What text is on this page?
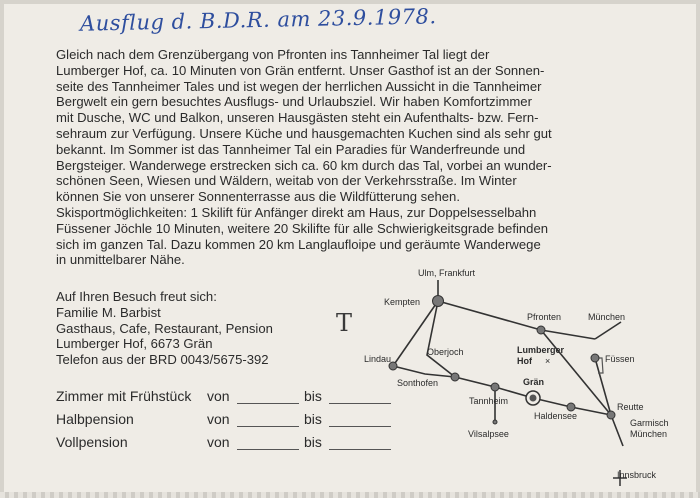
Ausflug d. B.D.R. am 23.9.1978.

Gleich nach dem Grenzübergang von Pfronten ins Tannheimer Tal liegt der

Lumberger Hof, ca. 10 Minuten von Grän entfernt. Unser Gasthof ist an der Sonnen-

seite des Tannheimer Tales und ist wegen der herrlichen Aussicht in die Tannheimer

Bergwelt ein gern besuchtes Ausflugs- und Urlaubsziel. Wir haben Komfortzimmer

mit Dusche, WC und Balkon, unseren Hausgästen steht ein Aufenthalts- bzw. Fern-

sehraum zur Verfügung. Unsere Küche und hausgemachten Kuchen sind als sehr gut

bekannt. Im Sommer ist das Tannheimer Tal ein Paradies für Wanderfreunde und

Bergsteiger. Wanderwege erstrecken sich ca. 60 km durch das Tal, vorbei an wunder-

schönen Seen, Wiesen und Wäldern, weitab von der Verkehrsstraße. Im Winter

können Sie von unserer Sonnenterrasse aus die Wildfütterung sehen.

Skisportmöglichkeiten: 1 Skilift für Anfänger direkt am Haus, zur Doppelsesselbahn

Füssener Jöchle 10 Minuten, weitere 20 Skilifte für alle Schwierigkeitsgrade befinden

sich im ganzen Tal. Dazu kommen 20 km Langlaufloipe und geräumte Wanderwege

in unmittelbarer Nähe.

Auf Ihren Besuch freut sich:
Familie M. Barbist
Gasthaus, Cafe, Restaurant, Pension
Lumberger Hof, 6673 Grän
Telefon aus der BRD 0043/5675-392
T
Zimmer mit Frühstück von	bis
Halbpension	von	bis
Vollpension	von	bis
×
Ulm, Frankfurt
Kempten
Pfronten	München
Lumberger
Hof
Oberjoch
Lindau
Sonthofen
Füssen
Tannheim
Grän
Haldensee
Reutte
Garmisch
München
Vilsalpsee
Innsbruck
